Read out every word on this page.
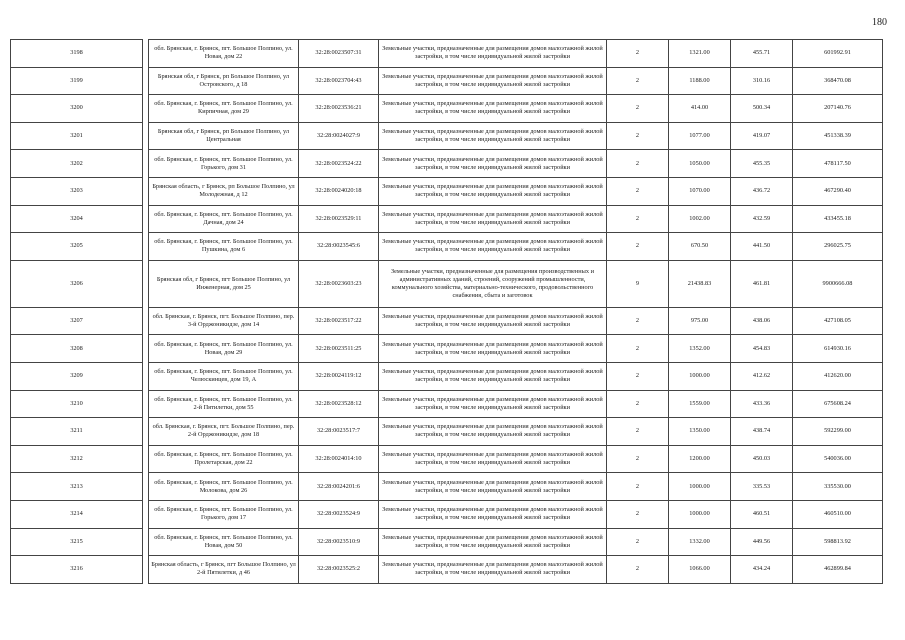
180
3198		обл. Брянская, г. Брянск, пгт. Большое Полпино, ул. Новая, дом 22	32:28:0023507:31	Земельные участки, предназначенные для размещения домов малоэтажной жилой застройки, в том числе индивидуальной жилой застройки	2	1321.00	455.71	601992.91
3199		Брянская обл, г Брянск, рп Большое Полпино, ул Островского, д 18	32:28:0023704:43	Земельные участки, предназначенные для размещения домов малоэтажной жилой застройки, в том числе индивидуальной жилой застройки	2	1188.00	310.16	368470.08
3200		обл. Брянская, г. Брянск, пгт. Большое Полпино, ул. Кирпичная, дом 29	32:28:0023536:21	Земельные участки, предназначенные для размещения домов малоэтажной жилой застройки, в том числе индивидуальной жилой застройки	2	414.00	500.34	207140.76
3201		Брянская обл, г Брянск, рп Большое Полпино, ул Центральная	32:28:0024027:9	Земельные участки, предназначенные для размещения домов малоэтажной жилой застройки, в том числе индивидуальной жилой застройки	2	1077.00	419.07	451338.39
3202		обл. Брянская, г. Брянск, пгт. Большое Полпино, ул. Горького, дом 31	32:28:0023524:22	Земельные участки, предназначенные для размещения домов малоэтажной жилой застройки, в том числе индивидуальной жилой застройки	2	1050.00	455.35	478117.50
3203		Брянская область, г Брянск, рп Большое Полпино, ул Молодежная, д 12	32:28:0024020:18	Земельные участки, предназначенные для размещения домов малоэтажной жилой застройки, в том числе индивидуальной жилой застройки	2	1070.00	436.72	467290.40
3204		обл. Брянская, г. Брянск, пгт. Большое Полпино, ул. Дачная, дом 24	32:28:0023529:11	Земельные участки, предназначенные для размещения домов малоэтажной жилой застройки, в том числе индивидуальной жилой застройки	2	1002.00	432.59	433455.18
3205		обл. Брянская, г. Брянск, пгт. Большое Полпино, ул. Пушкина, дом 6	32:28:0023545:6	Земельные участки, предназначенные для размещения домов малоэтажной жилой застройки, в том числе индивидуальной жилой застройки	2	670.50	441.50	296025.75
3206		Брянская обл, г Брянск, пгт Большое Полпино, ул Инженерная, дом 25	32:28:0023603:23	Земельные участки, предназначенные для размещения производственных и административных зданий, строений, сооружений промышленности, коммунального хозяйства, материально-технического, продовольственного снабжения, сбыта и заготовок	9	21438.83	461.81	9900666.08
3207		обл. Брянская, г. Брянск, пгт. Большое Полпино, пер. 3-й Орджоникидзе, дом 14	32:28:0023517:22	Земельные участки, предназначенные для размещения домов малоэтажной жилой застройки, в том числе индивидуальной жилой застройки	2	975.00	438.06	427108.05
3208		обл. Брянская, г. Брянск, пгт. Большое Полпино, ул. Новая, дом 29	32:28:0023511:25	Земельные участки, предназначенные для размещения домов малоэтажной жилой застройки, в том числе индивидуальной жилой застройки	2	1352.00	454.83	614930.16
3209		обл. Брянская, г. Брянск, пгт. Большое Полпино, ул. Челюскинцев, дом 19, А	32:28:0024119:12	Земельные участки, предназначенные для размещения домов малоэтажной жилой застройки, в том числе индивидуальной жилой застройки	2	1000.00	412.62	412620.00
3210		обл. Брянская, г. Брянск, пгт. Большое Полпино, ул. 2-й Пятилетки, дом 55	32:28:0023528:12	Земельные участки, предназначенные для размещения домов малоэтажной жилой застройки, в том числе индивидуальной жилой застройки	2	1559.00	433.36	675608.24
3211		обл. Брянская, г. Брянск, пгт. Большое Полпино, пер. 2-й Орджоникидзе, дом 18	32:28:0023517:7	Земельные участки, предназначенные для размещения домов малоэтажной жилой застройки, в том числе индивидуальной жилой застройки	2	1350.00	438.74	592299.00
3212		обл. Брянская, г. Брянск, пгт. Большое Полпино, ул. Пролетарская, дом 22	32:28:0024014:10	Земельные участки, предназначенные для размещения домов малоэтажной жилой застройки, в том числе индивидуальной жилой застройки	2	1200.00	450.03	540036.00
3213		обл. Брянская, г. Брянск, пгт. Большое Полпино, ул. Молокова, дом 26	32:28:0024201:6	Земельные участки, предназначенные для размещения домов малоэтажной жилой застройки, в том числе индивидуальной жилой застройки	2	1000.00	335.53	335530.00
3214		обл. Брянская, г. Брянск, пгт. Большое Полпино, ул. Горького, дом 17	32:28:0023524:9	Земельные участки, предназначенные для размещения домов малоэтажной жилой застройки, в том числе индивидуальной жилой застройки	2	1000.00	460.51	460510.00
3215		обл. Брянская, г. Брянск, пгт. Большое Полпино, ул. Новая, дом 50	32:28:0023510:9	Земельные участки, предназначенные для размещения домов малоэтажной жилой застройки, в том числе индивидуальной жилой застройки	2	1332.00	449.56	598813.92
3216		Брянская область, г Брянск, пгт Большое Полпино, ул 2-й Пятилетки, д 46	32:28:0023525:2	Земельные участки, предназначенные для размещения домов малоэтажной жилой застройки, в том числе индивидуальной жилой застройки	2	1066.00	434.24	462899.84
